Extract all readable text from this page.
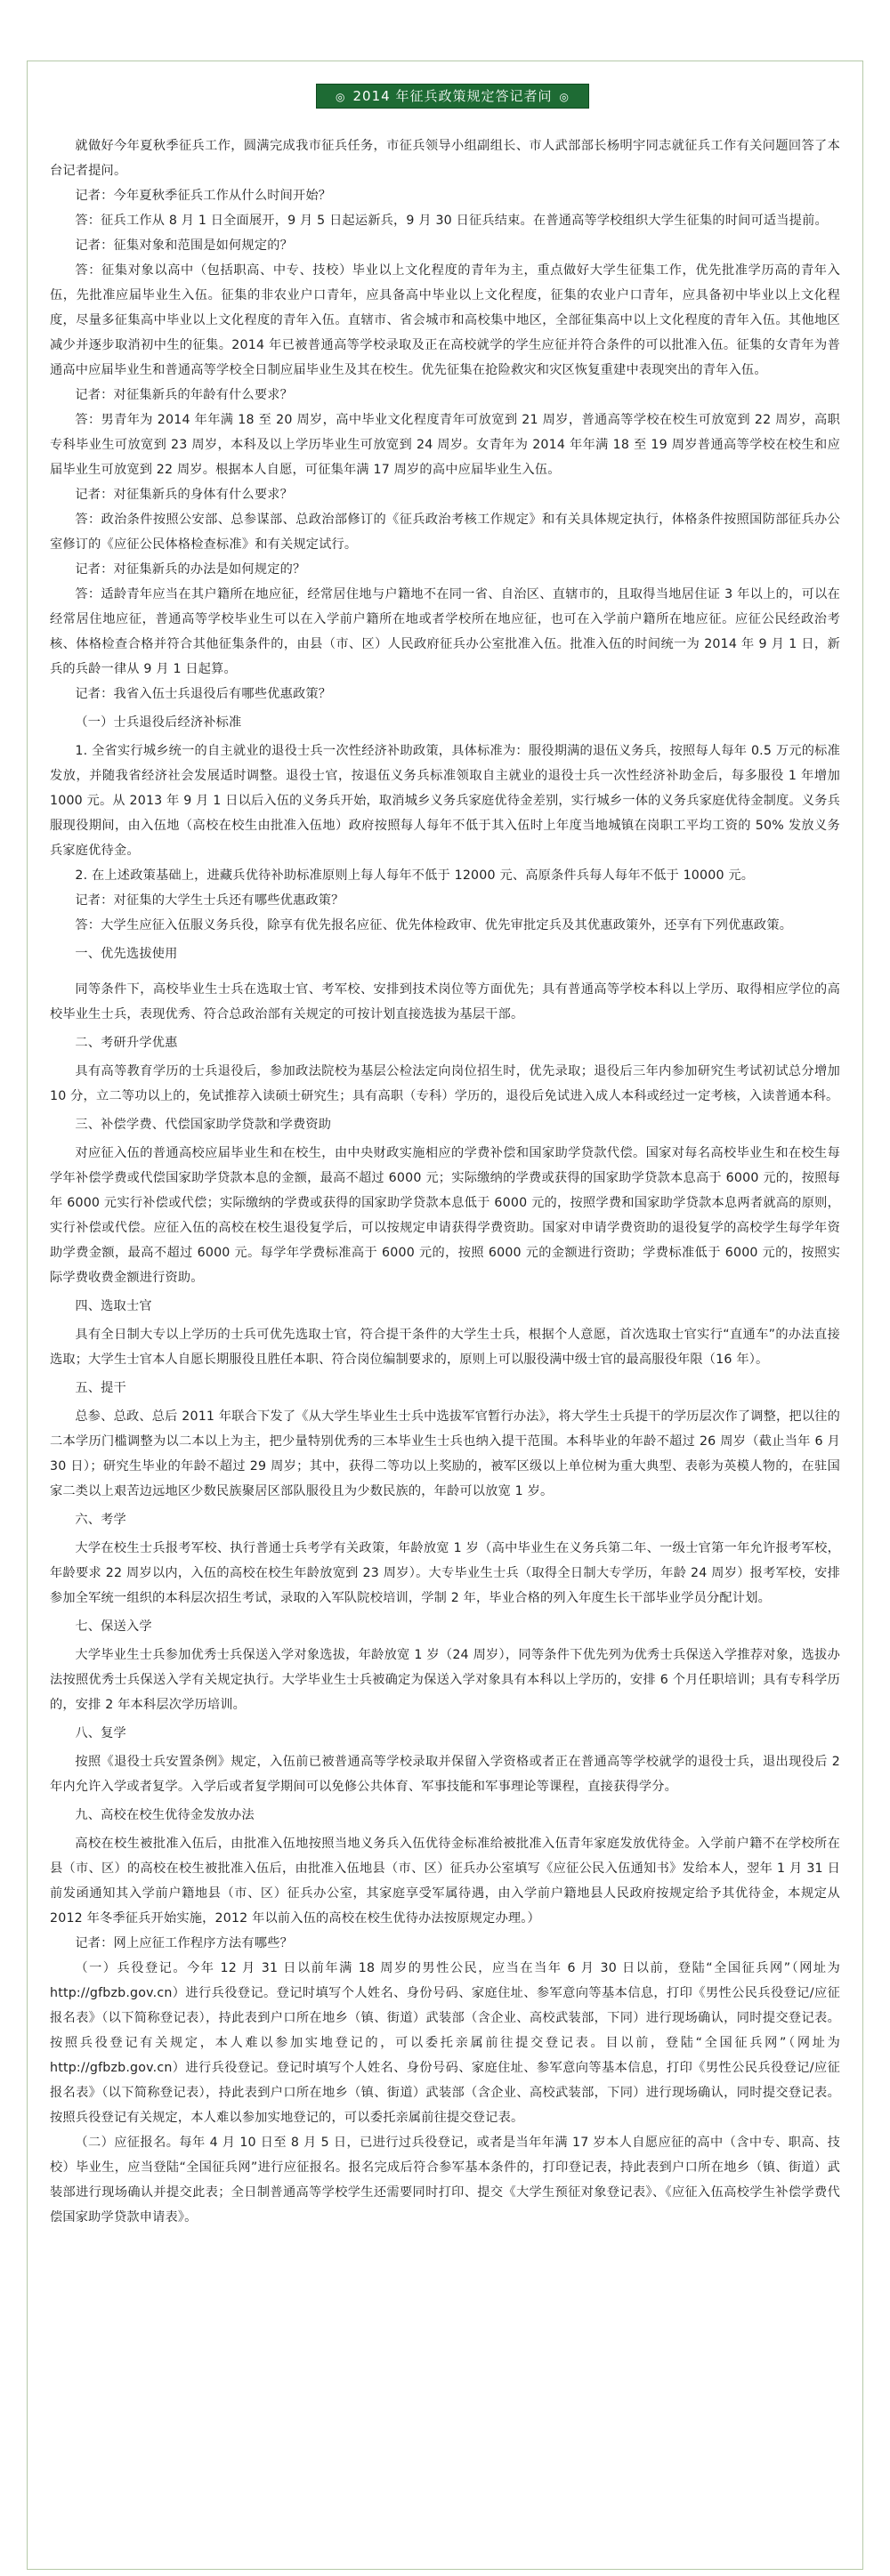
◎ 2014 年征兵政策规定答记者问 ◎

就做好今年夏秋季征兵工作，圆满完成我市征兵任务，市征兵领导小组副组长、市人武部部长杨明宇同志就征兵工作有关问题回答了本台记者提问。

记者：今年夏秋季征兵工作从什么时间开始？

答：征兵工作从 8 月 1 日全面展开，9 月 5 日起运新兵，9 月 30 日征兵结束。在普通高等学校组织大学生征集的时间可适当提前。

记者：征集对象和范围是如何规定的？

答：征集对象以高中（包括职高、中专、技校）毕业以上文化程度的青年为主，重点做好大学生征集工作，优先批准学历高的青年入伍，先批准应届毕业生入伍。征集的非农业户口青年，应具备高中毕业以上文化程度，征集的农业户口青年，应具备初中毕业以上文化程度，尽量多征集高中毕业以上文化程度的青年入伍。直辖市、省会城市和高校集中地区，全部征集高中以上文化程度的青年入伍。其他地区减少并逐步取消初中生的征集。2014 年已被普通高等学校录取及正在高校就学的学生应征并符合条件的可以批准入伍。征集的女青年为普通高中应届毕业生和普通高等学校全日制应届毕业生及其在校生。优先征集在抢险救灾和灾区恢复重建中表现突出的青年入伍。

记者：对征集新兵的年龄有什么要求？

答：男青年为 2014 年年满 18 至 20 周岁，高中毕业文化程度青年可放宽到 21 周岁，普通高等学校在校生可放宽到 22 周岁，高职专科毕业生可放宽到 23 周岁，本科及以上学历毕业生可放宽到 24 周岁。女青年为 2014 年年满 18 至 19 周岁普通高等学校在校生和应届毕业生可放宽到 22 周岁。根据本人自愿，可征集年满 17 周岁的高中应届毕业生入伍。

记者：对征集新兵的身体有什么要求？

答：政治条件按照公安部、总参谋部、总政治部修订的《征兵政治考核工作规定》和有关具体规定执行，体格条件按照国防部征兵办公室修订的《应征公民体格检查标准》和有关规定试行。

记者：对征集新兵的办法是如何规定的？

答：适龄青年应当在其户籍所在地应征，经常居住地与户籍地不在同一省、自治区、直辖市的，且取得当地居住证 3 年以上的，可以在经常居住地应征，普通高等学校毕业生可以在入学前户籍所在地或者学校所在地应征，也可在入学前户籍所在地应征。应征公民经政治考核、体格检查合格并符合其他征集条件的，由县（市、区）人民政府征兵办公室批准入伍。批准入伍的时间统一为 2014 年 9 月 1 日，新兵的兵龄一律从 9 月 1 日起算。

记者：我省入伍士兵退役后有哪些优惠政策？

（一）士兵退役后经济补标准

1. 全省实行城乡统一的自主就业的退役士兵一次性经济补助政策，具体标准为：服役期满的退伍义务兵，按照每人每年 0.5 万元的标准发放，并随我省经济社会发展适时调整。退役士官，按退伍义务兵标准领取自主就业的退役士兵一次性经济补助金后，每多服役 1 年增加 1000 元。从 2013 年 9 月 1 日以后入伍的义务兵开始，取消城乡义务兵家庭优待金差别，实行城乡一体的义务兵家庭优待金制度。义务兵服现役期间，由入伍地（高校在校生由批准入伍地）政府按照每人每年不低于其入伍时上年度当地城镇在岗职工平均工资的 50% 发放义务兵家庭优待金。

2. 在上述政策基础上，进藏兵优待补助标准原则上每人每年不低于 12000 元、高原条件兵每人每年不低于 10000 元。

记者：对征集的大学生士兵还有哪些优惠政策？

答：大学生应征入伍服义务兵役，除享有优先报名应征、优先体检政审、优先审批定兵及其优惠政策外，还享有下列优惠政策。

一、优先选拔使用

同等条件下，高校毕业生士兵在选取士官、考军校、安排到技术岗位等方面优先；具有普通高等学校本科以上学历、取得相应学位的高校毕业生士兵，表现优秀、符合总政治部有关规定的可按计划直接选拔为基层干部。

二、考研升学优惠

具有高等教育学历的士兵退役后，参加政法院校为基层公检法定向岗位招生时，优先录取；退役后三年内参加研究生考试初试总分增加 10 分，立二等功以上的，免试推荐入读硕士研究生；具有高职（专科）学历的，退役后免试进入成人本科或经过一定考核，入读普通本科。

三、补偿学费、代偿国家助学贷款和学费资助

对应征入伍的普通高校应届毕业生和在校生，由中央财政实施相应的学费补偿和国家助学贷款代偿。国家对每名高校毕业生和在校生每学年补偿学费或代偿国家助学贷款本息的金额，最高不超过 6000 元；实际缴纳的学费或获得的国家助学贷款本息高于 6000 元的，按照每年 6000 元实行补偿或代偿；实际缴纳的学费或获得的国家助学贷款本息低于 6000 元的，按照学费和国家助学贷款本息两者就高的原则，实行补偿或代偿。应征入伍的高校在校生退役复学后，可以按规定申请获得学费资助。国家对申请学费资助的退役复学的高校学生每学年资助学费金额，最高不超过 6000 元。每学年学费标准高于 6000 元的，按照 6000 元的金额进行资助；学费标准低于 6000 元的，按照实际学费收费金额进行资助。

四、选取士官

具有全日制大专以上学历的士兵可优先选取士官，符合提干条件的大学生士兵，根据个人意愿，首次选取士官实行“直通车”的办法直接选取；大学生士官本人自愿长期服役且胜任本职、符合岗位编制要求的，原则上可以服役满中级士官的最高服役年限（16 年）。

五、提干

总参、总政、总后 2011 年联合下发了《从大学生毕业生士兵中选拔军官暂行办法》，将大学生士兵提干的学历层次作了调整，把以往的二本学历门槛调整为以二本以上为主，把少量特别优秀的三本毕业生士兵也纳入提干范围。本科毕业的年龄不超过 26 周岁（截止当年 6 月 30 日）；研究生毕业的年龄不超过 29 周岁；其中，获得二等功以上奖励的，被军区级以上单位树为重大典型、表彰为英模人物的，在驻国家二类以上艰苦边远地区少数民族聚居区部队服役且为少数民族的，年龄可以放宽 1 岁。

六、考学

大学在校生士兵报考军校、执行普通士兵考学有关政策，年龄放宽 1 岁（高中毕业生在义务兵第二年、一级士官第一年允许报考军校，年龄要求 22 周岁以内，入伍的高校在校生年龄放宽到 23 周岁）。大专毕业生士兵（取得全日制大专学历，年龄 24 周岁）报考军校，安排参加全军统一组织的本科层次招生考试，录取的入军队院校培训，学制 2 年，毕业合格的列入年度生长干部毕业学员分配计划。

七、保送入学

大学毕业生士兵参加优秀士兵保送入学对象选拔，年龄放宽 1 岁（24 周岁），同等条件下优先列为优秀士兵保送入学推荐对象，选拔办法按照优秀士兵保送入学有关规定执行。大学毕业生士兵被确定为保送入学对象具有本科以上学历的，安排 6 个月任职培训；具有专科学历的，安排 2 年本科层次学历培训。

八、复学

按照《退役士兵安置条例》规定，入伍前已被普通高等学校录取并保留入学资格或者正在普通高等学校就学的退役士兵，退出现役后 2 年内允许入学或者复学。入学后或者复学期间可以免修公共体育、军事技能和军事理论等课程，直接获得学分。

九、高校在校生优待金发放办法

高校在校生被批准入伍后，由批准入伍地按照当地义务兵入伍优待金标准给被批准入伍青年家庭发放优待金。入学前户籍不在学校所在县（市、区）的高校在校生被批准入伍后，由批准入伍地县（市、区）征兵办公室填写《应征公民入伍通知书》发给本人，翌年 1 月 31 日 前发函通知其入学前户籍地县（市、区）征兵办公室，其家庭享受军属待遇，由入学前户籍地县人民政府按规定给予其优待金，本规定从 2012 年冬季征兵开始实施，2012 年以前入伍的高校在校生优待办法按原规定办理。）

记者：网上应征工作程序方法有哪些？

（一）兵役登记。今年 12 月 31 日以前年满 18 周岁的男性公民，应当在当年 6 月 30 日以前，登陆“全国征兵网”（网址为 http://gfbzb.gov.cn）进行兵役登记。登记时填写个人姓名、身份号码、家庭住址、参军意向等基本信息，打印《男性公民兵役登记/应征报名表》（以下简称登记表），持此表到户口所在地乡（镇、街道）武装部（含企业、高校武装部，下同）进行现场确认，同时提交登记表。按照兵役登记有关规定，本人难以参加实地登记的，可以委托亲属前往提交登记表。目以前，登陆“全国征兵网”（网址为 http://gfbzb.gov.cn）进行兵役登记。登记时填写个人姓名、身份号码、家庭住址、参军意向等基本信息，打印《男性公民兵役登记/应征报名表》（以下简称登记表），持此表到户口所在地乡（镇、街道）武装部（含企业、高校武装部，下同）进行现场确认，同时提交登记表。按照兵役登记有关规定，本人难以参加实地登记的，可以委托亲属前往提交登记表。

（二）应征报名。每年 4 月 10 日至 8 月 5 日，已进行过兵役登记，或者是当年年满 17 岁本人自愿应征的高中（含中专、职高、技校）毕业生，应当登陆“全国征兵网”进行应征报名。报名完成后符合参军基本条件的，打印登记表，持此表到户口所在地乡（镇、街道）武装部进行现场确认并提交此表；全日制普通高等学校学生还需要同时打印、提交《大学生预征对象登记表》、《应征入伍高校学生补偿学费代偿国家助学贷款申请表》。
